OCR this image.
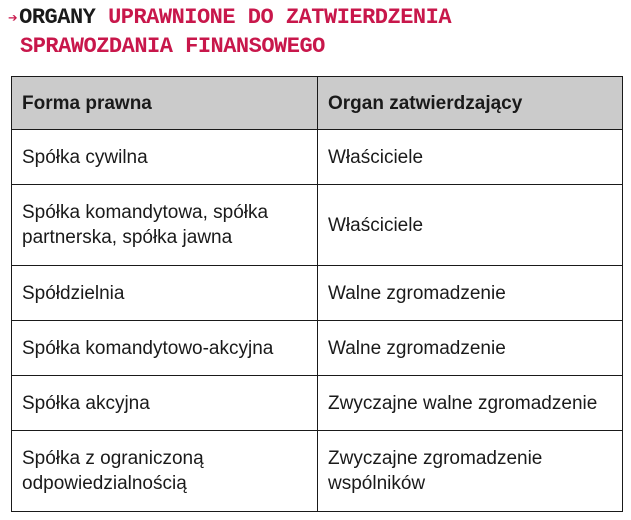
➔ORGANY UPRAWNIONE DO ZATWIERDZENIA
SPRAWOZDANIA FINANSOWEGO
Forma prawna	Organ zatwierdzający
Spółka cywilna	Właściciele
Spółka komandytowa, spółka partnerska, spółka jawna	Właściciele
Spółdzielnia	Walne zgromadzenie
Spółka komandytowo-akcyjna	Walne zgromadzenie
Spółka akcyjna	Zwyczajne walne zgromadzenie
Spółka z ograniczoną odpowiedzialnością	Zwyczajne zgromadzenie wspólników
